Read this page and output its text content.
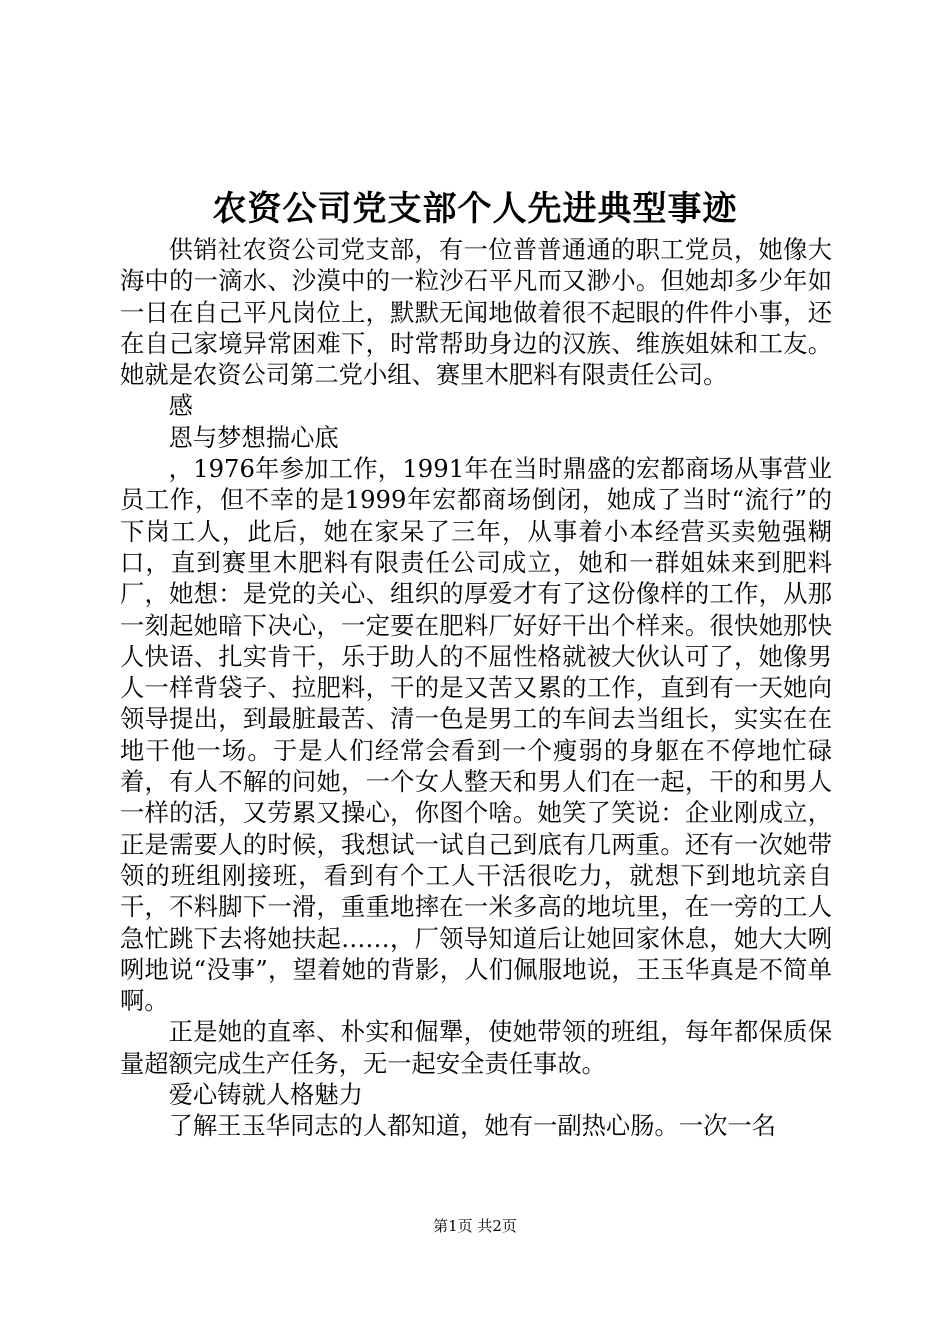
农资公司党支部个人先进典型事迹

供销社农资公司党支部，有一位普普通通的职工党员，她像大海中的一滴水、沙漠中的一粒沙石平凡而又渺小。但她却多少年如一日在自己平凡岗位上，默默无闻地做着很不起眼的件件小事，还在自己家境异常困难下，时常帮助身边的汉族、维族姐妹和工友。她就是农资公司第二党小组、赛里木肥料有限责任公司。

感

恩与梦想揣心底

，1976年参加工作，1991年在当时鼎盛的宏都商场从事营业员工作，但不幸的是1999年宏都商场倒闭，她成了当时“流行”的下岗工人，此后，她在家呆了三年，从事着小本经营买卖勉强糊口，直到赛里木肥料有限责任公司成立，她和一群姐妹来到肥料厂，她想：是党的关心、组织的厚爱才有了这份像样的工作，从那一刻起她暗下决心，一定要在肥料厂好好干出个样来。很快她那快人快语、扎实肯干，乐于助人的不屈性格就被大伙认可了，她像男人一样背袋子、拉肥料，干的是又苦又累的工作，直到有一天她向领导提出，到最脏最苦、清一色是男工的车间去当组长，实实在在地干他一场。于是人们经常会看到一个瘦弱的身躯在不停地忙碌着，有人不解的问她，一个女人整天和男人们在一起，干的和男人一样的活，又劳累又操心，你图个啥。她笑了笑说：企业刚成立，正是需要人的时候，我想试一试自己到底有几两重。还有一次她带领的班组刚接班，看到有个工人干活很吃力，就想下到地坑亲自干，不料脚下一滑，重重地摔在一米多高的地坑里，在一旁的工人急忙跳下去将她扶起……，厂领导知道后让她回家休息，她大大咧咧地说“没事”，望着她的背影，人们佩服地说，王玉华真是不简单啊。

正是她的直率、朴实和倔犟，使她带领的班组，每年都保质保量超额完成生产任务，无一起安全责任事故。

爱心铸就人格魅力

了解王玉华同志的人都知道，她有一副热心肠。一次一名

第1页 共2页
